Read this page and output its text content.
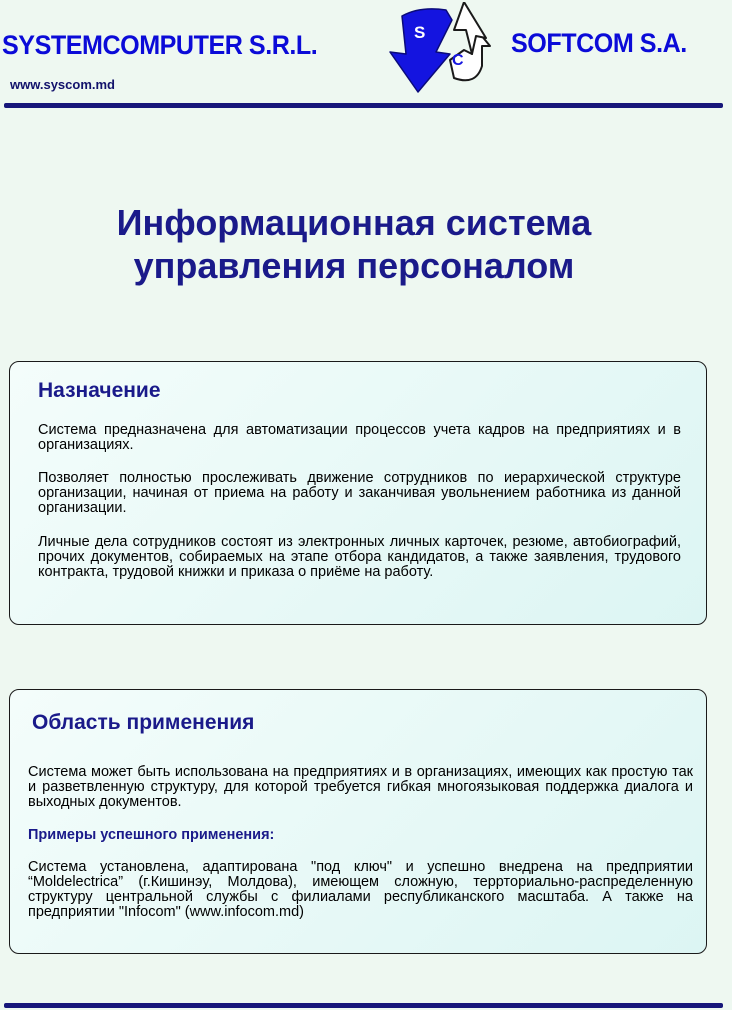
SYSTEMCOMPUTER S.R.L.	S
C
SOFTCOM S.A.
www.syscom.md
Информационная система
управления персоналом
Назначение
Система предназначена для автоматизации процессов учета кадров на предприятиях и в организациях.
Позволяет полностью прослеживать движение сотрудников по иерархической структуре организации, начиная от приема на работу и заканчивая увольнением работника из данной организации.
Личные дела сотрудников состоят из электронных личных карточек, резюме, автобиографий, прочих документов, собираемых на этапе отбора кандидатов, а также заявления, трудового контракта, трудовой книжки и приказа о приёме на работу.
Область применения
Система может быть использована на предприятиях и в организациях, имеющих как простую так и разветвленную структуру, для которой требуется гибкая многоязыковая поддержка диалога и выходных документов.
Примеры успешного применения:
Система установлена, адаптирована "под ключ" и успешно внедрена на предприятии “Moldelectrica” (г.Кишинэу, Молдова), имеющем сложную, террториально-распределенную структуру центральной службы с филиалами республиканского масштаба. А также на предприятии "Infocom" (www.infocom.md)
